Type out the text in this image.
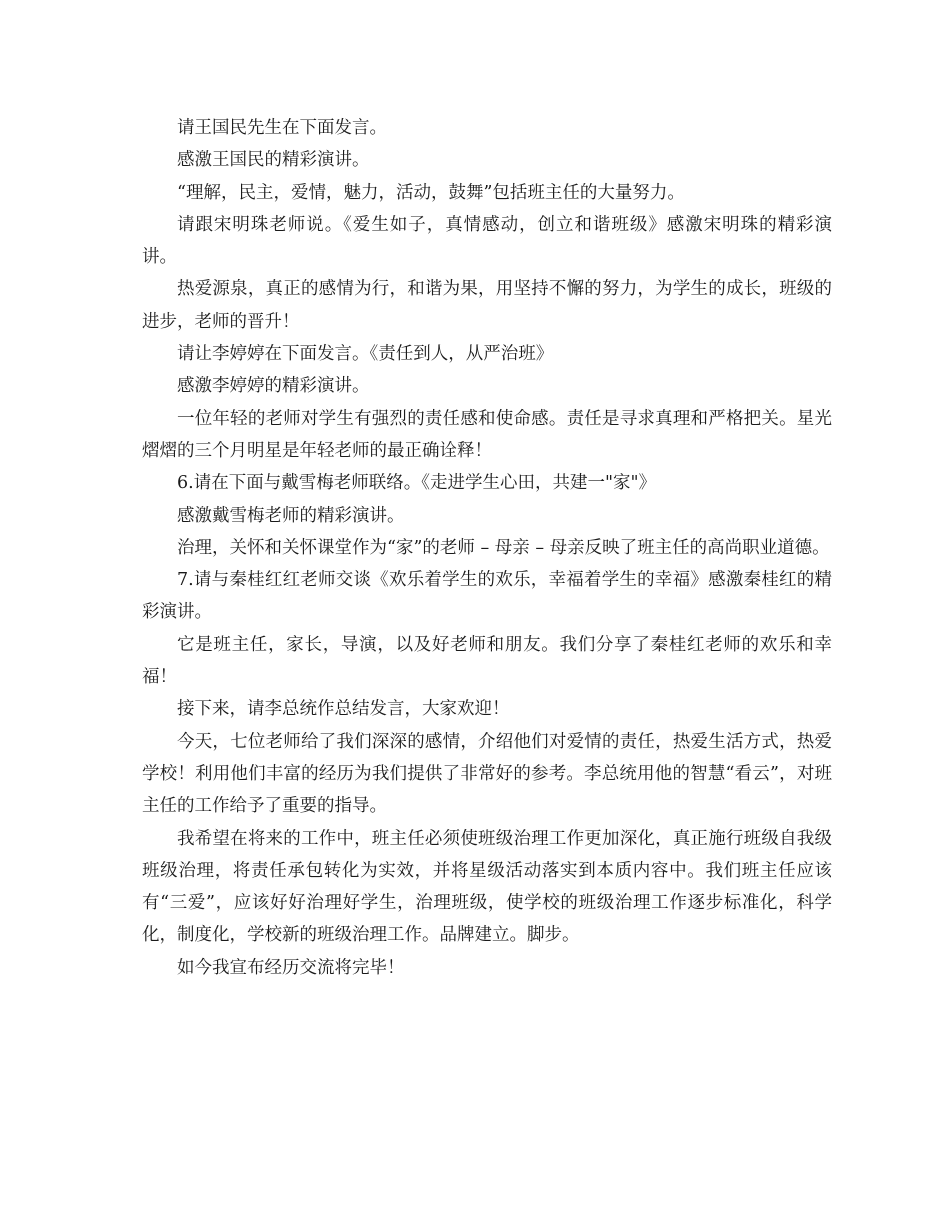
请王国民先生在下面发言。

感激王国民的精彩演讲。

“理解，民主，爱情，魅力，活动，鼓舞”包括班主任的大量努力。

请跟宋明珠老师说。《爱生如子，真情感动，创立和谐班级》感激宋明珠的精彩演讲。

热爱源泉，真正的感情为行，和谐为果，用坚持不懈的努力，为学生的成长，班级的进步，老师的晋升！

请让李婷婷在下面发言。《责任到人，从严治班》

感激李婷婷的精彩演讲。

一位年轻的老师对学生有强烈的责任感和使命感。责任是寻求真理和严格把关。星光熠熠的三个月明星是年轻老师的最正确诠释！

6.请在下面与戴雪梅老师联络。《走进学生心田，共建一"家"》

感激戴雪梅老师的精彩演讲。

治理，关怀和关怀课堂作为“家”的老师 – 母亲 – 母亲反映了班主任的高尚职业道德。

7.请与秦桂红红老师交谈《欢乐着学生的欢乐，幸福着学生的幸福》感激秦桂红的精彩演讲。

它是班主任，家长，导演，以及好老师和朋友。我们分享了秦桂红老师的欢乐和幸福！

接下来，请李总统作总结发言，大家欢迎！

今天，七位老师给了我们深深的感情，介绍他们对爱情的责任，热爱生活方式，热爱学校！利用他们丰富的经历为我们提供了非常好的参考。李总统用他的智慧“看云”，对班主任的工作给予了重要的指导。

我希望在将来的工作中，班主任必须使班级治理工作更加深化，真正施行班级自我级班级治理，将责任承包转化为实效，并将星级活动落实到本质内容中。我们班主任应该有“三爱”，应该好好治理好学生，治理班级，使学校的班级治理工作逐步标准化，科学化，制度化，学校新的班级治理工作。品牌建立。脚步。

如今我宣布经历交流将完毕！
